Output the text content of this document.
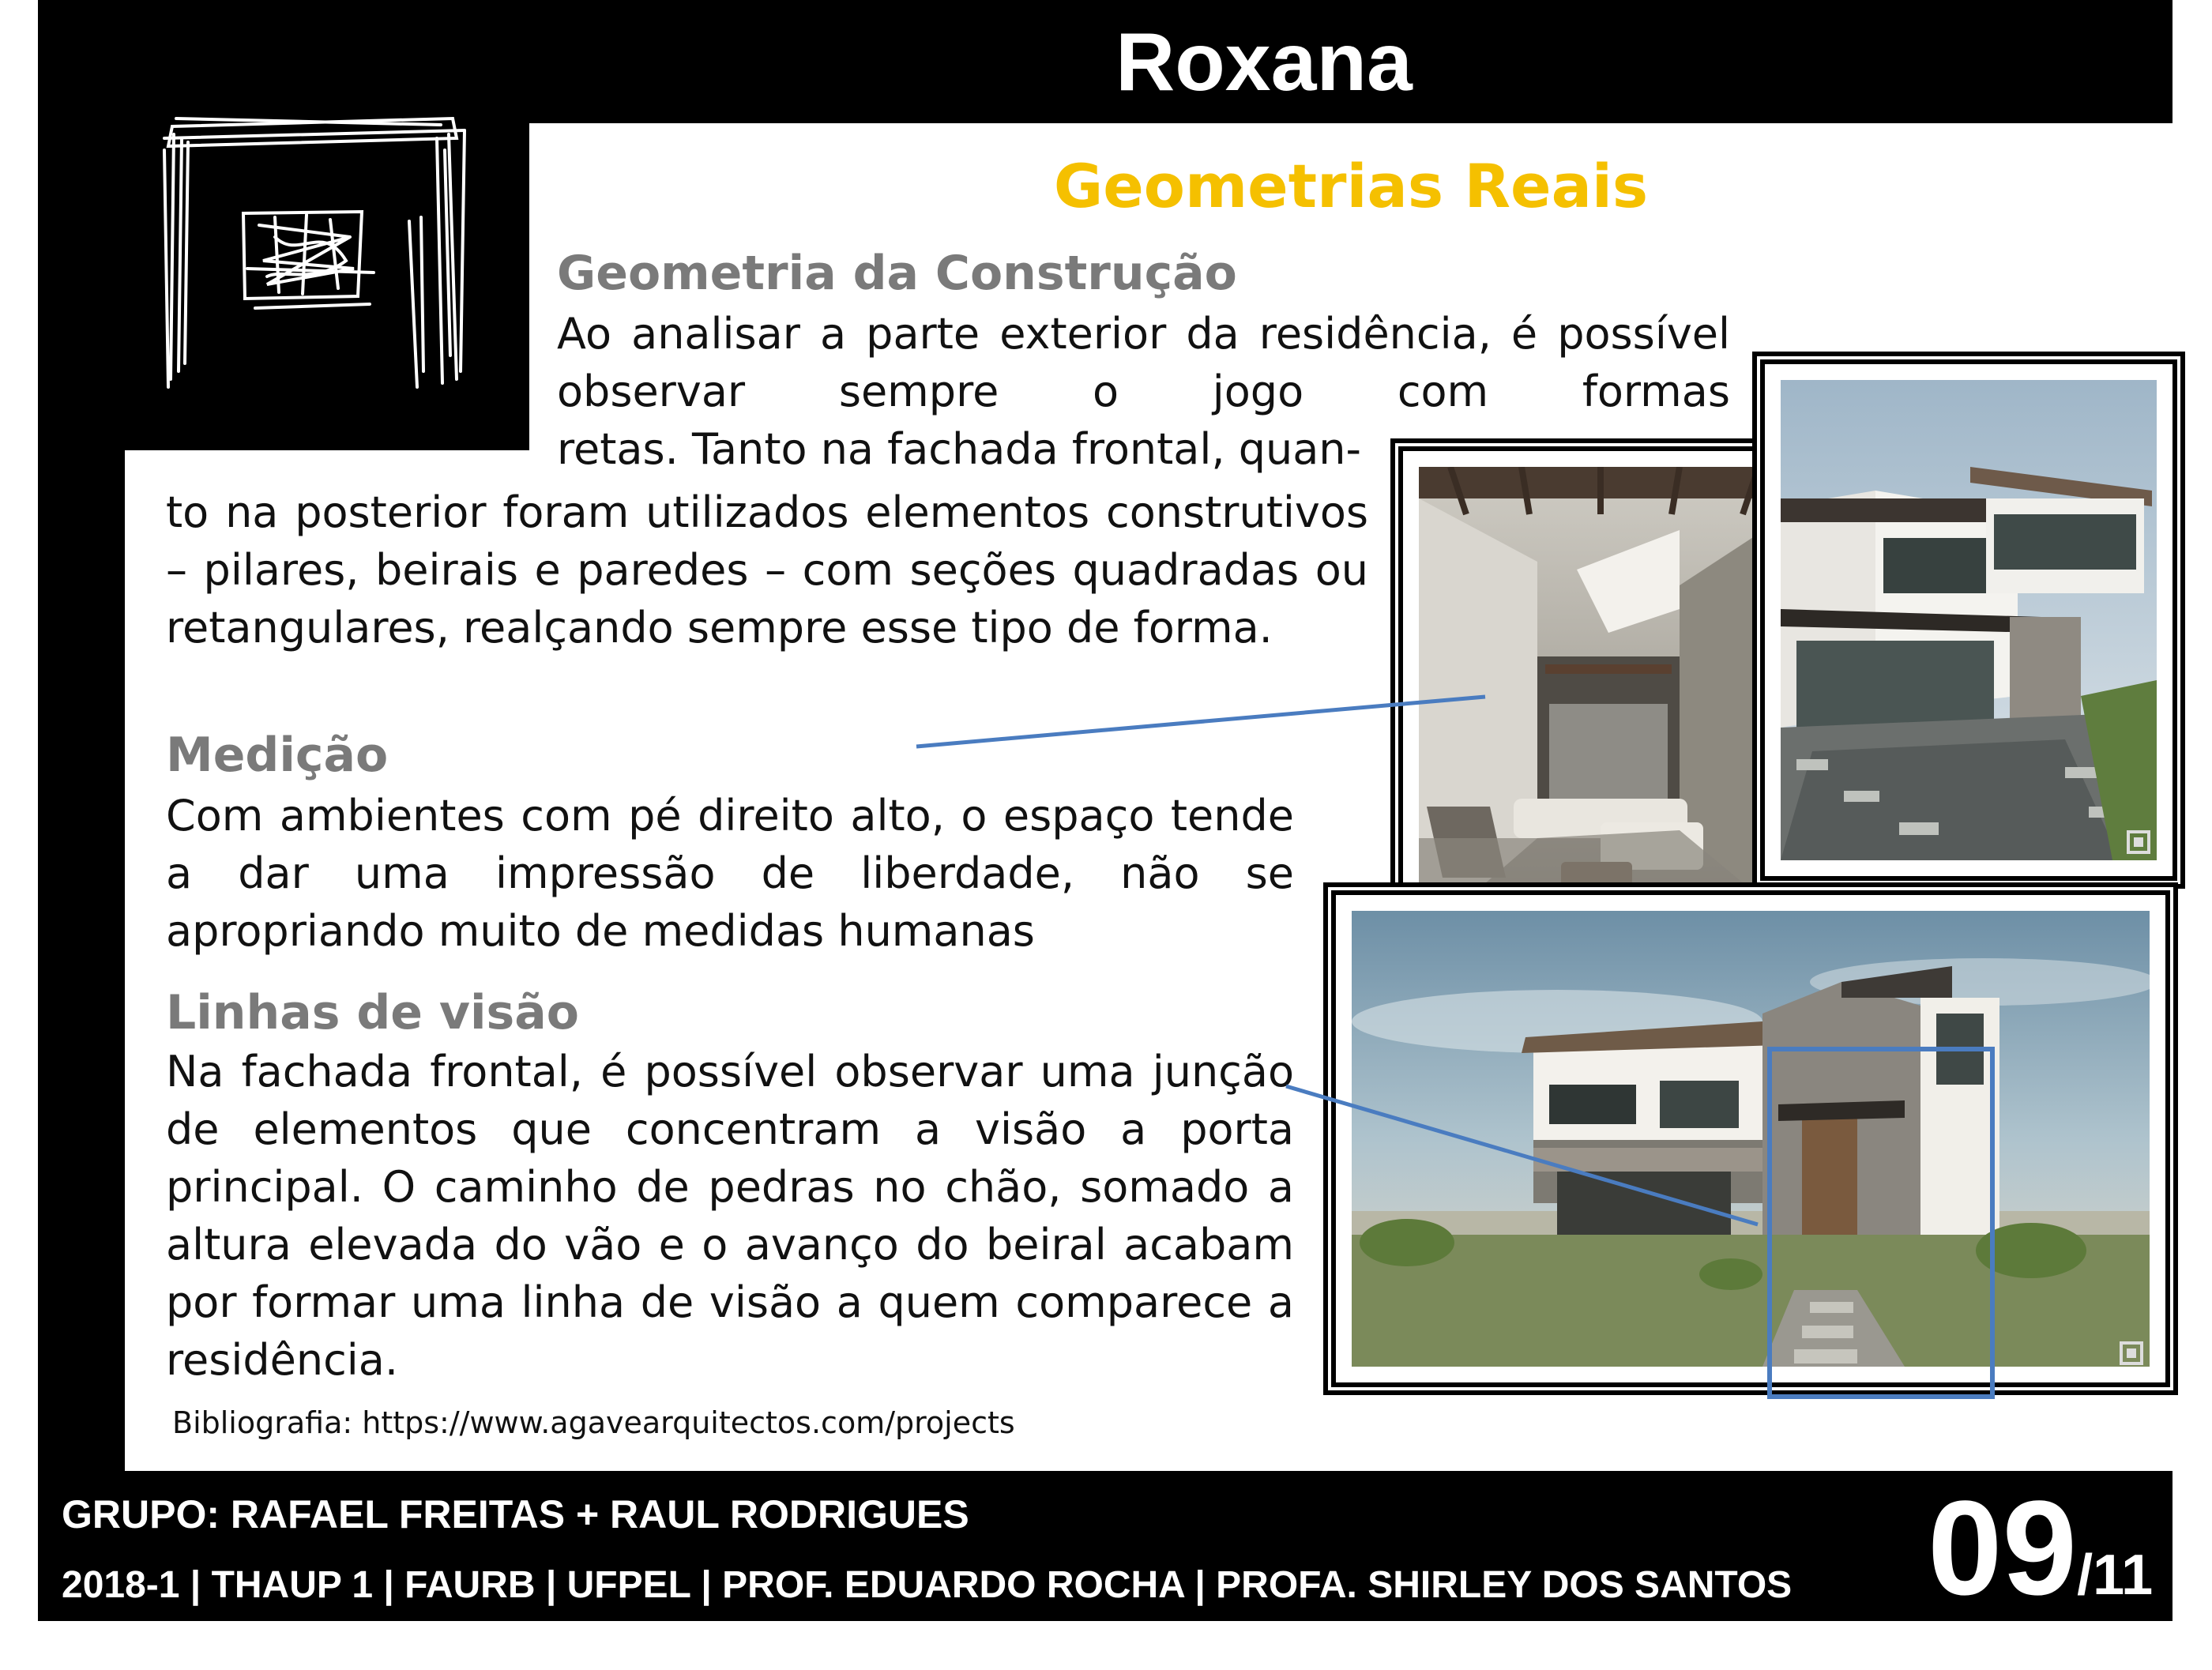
Roxana
Geometrias Reais
Geometria da Construção
Ao analisar a parte exterior da residência, é possível
observar sempre o jogo com formas
retas. Tanto na fachada frontal, quan-
to na posterior foram utilizados elementos construtivos
– pilares, beirais e paredes – com seções quadradas ou
retangulares, realçando sempre esse tipo de forma.
Medição
Com ambientes com pé direito alto, o espaço tende a dar uma impressão de liberdade, não se apropriando muito de medidas humanas
Linhas de visão
Na fachada frontal, é possível observar uma junção de elementos que concentram a visão a porta principal. O caminho de pedras no chão, somado a altura elevada do vão e o avanço do beiral acabam por formar uma linha de visão a quem comparece a residência.
Bibliografia: https://www.agavearquitectos.com/projects
GRUPO: RAFAEL FREITAS + RAUL RODRIGUES
2018-1 | THAUP 1 | FAURB | UFPEL | PROF. EDUARDO ROCHA | PROFA. SHIRLEY DOS SANTOS 09/11
